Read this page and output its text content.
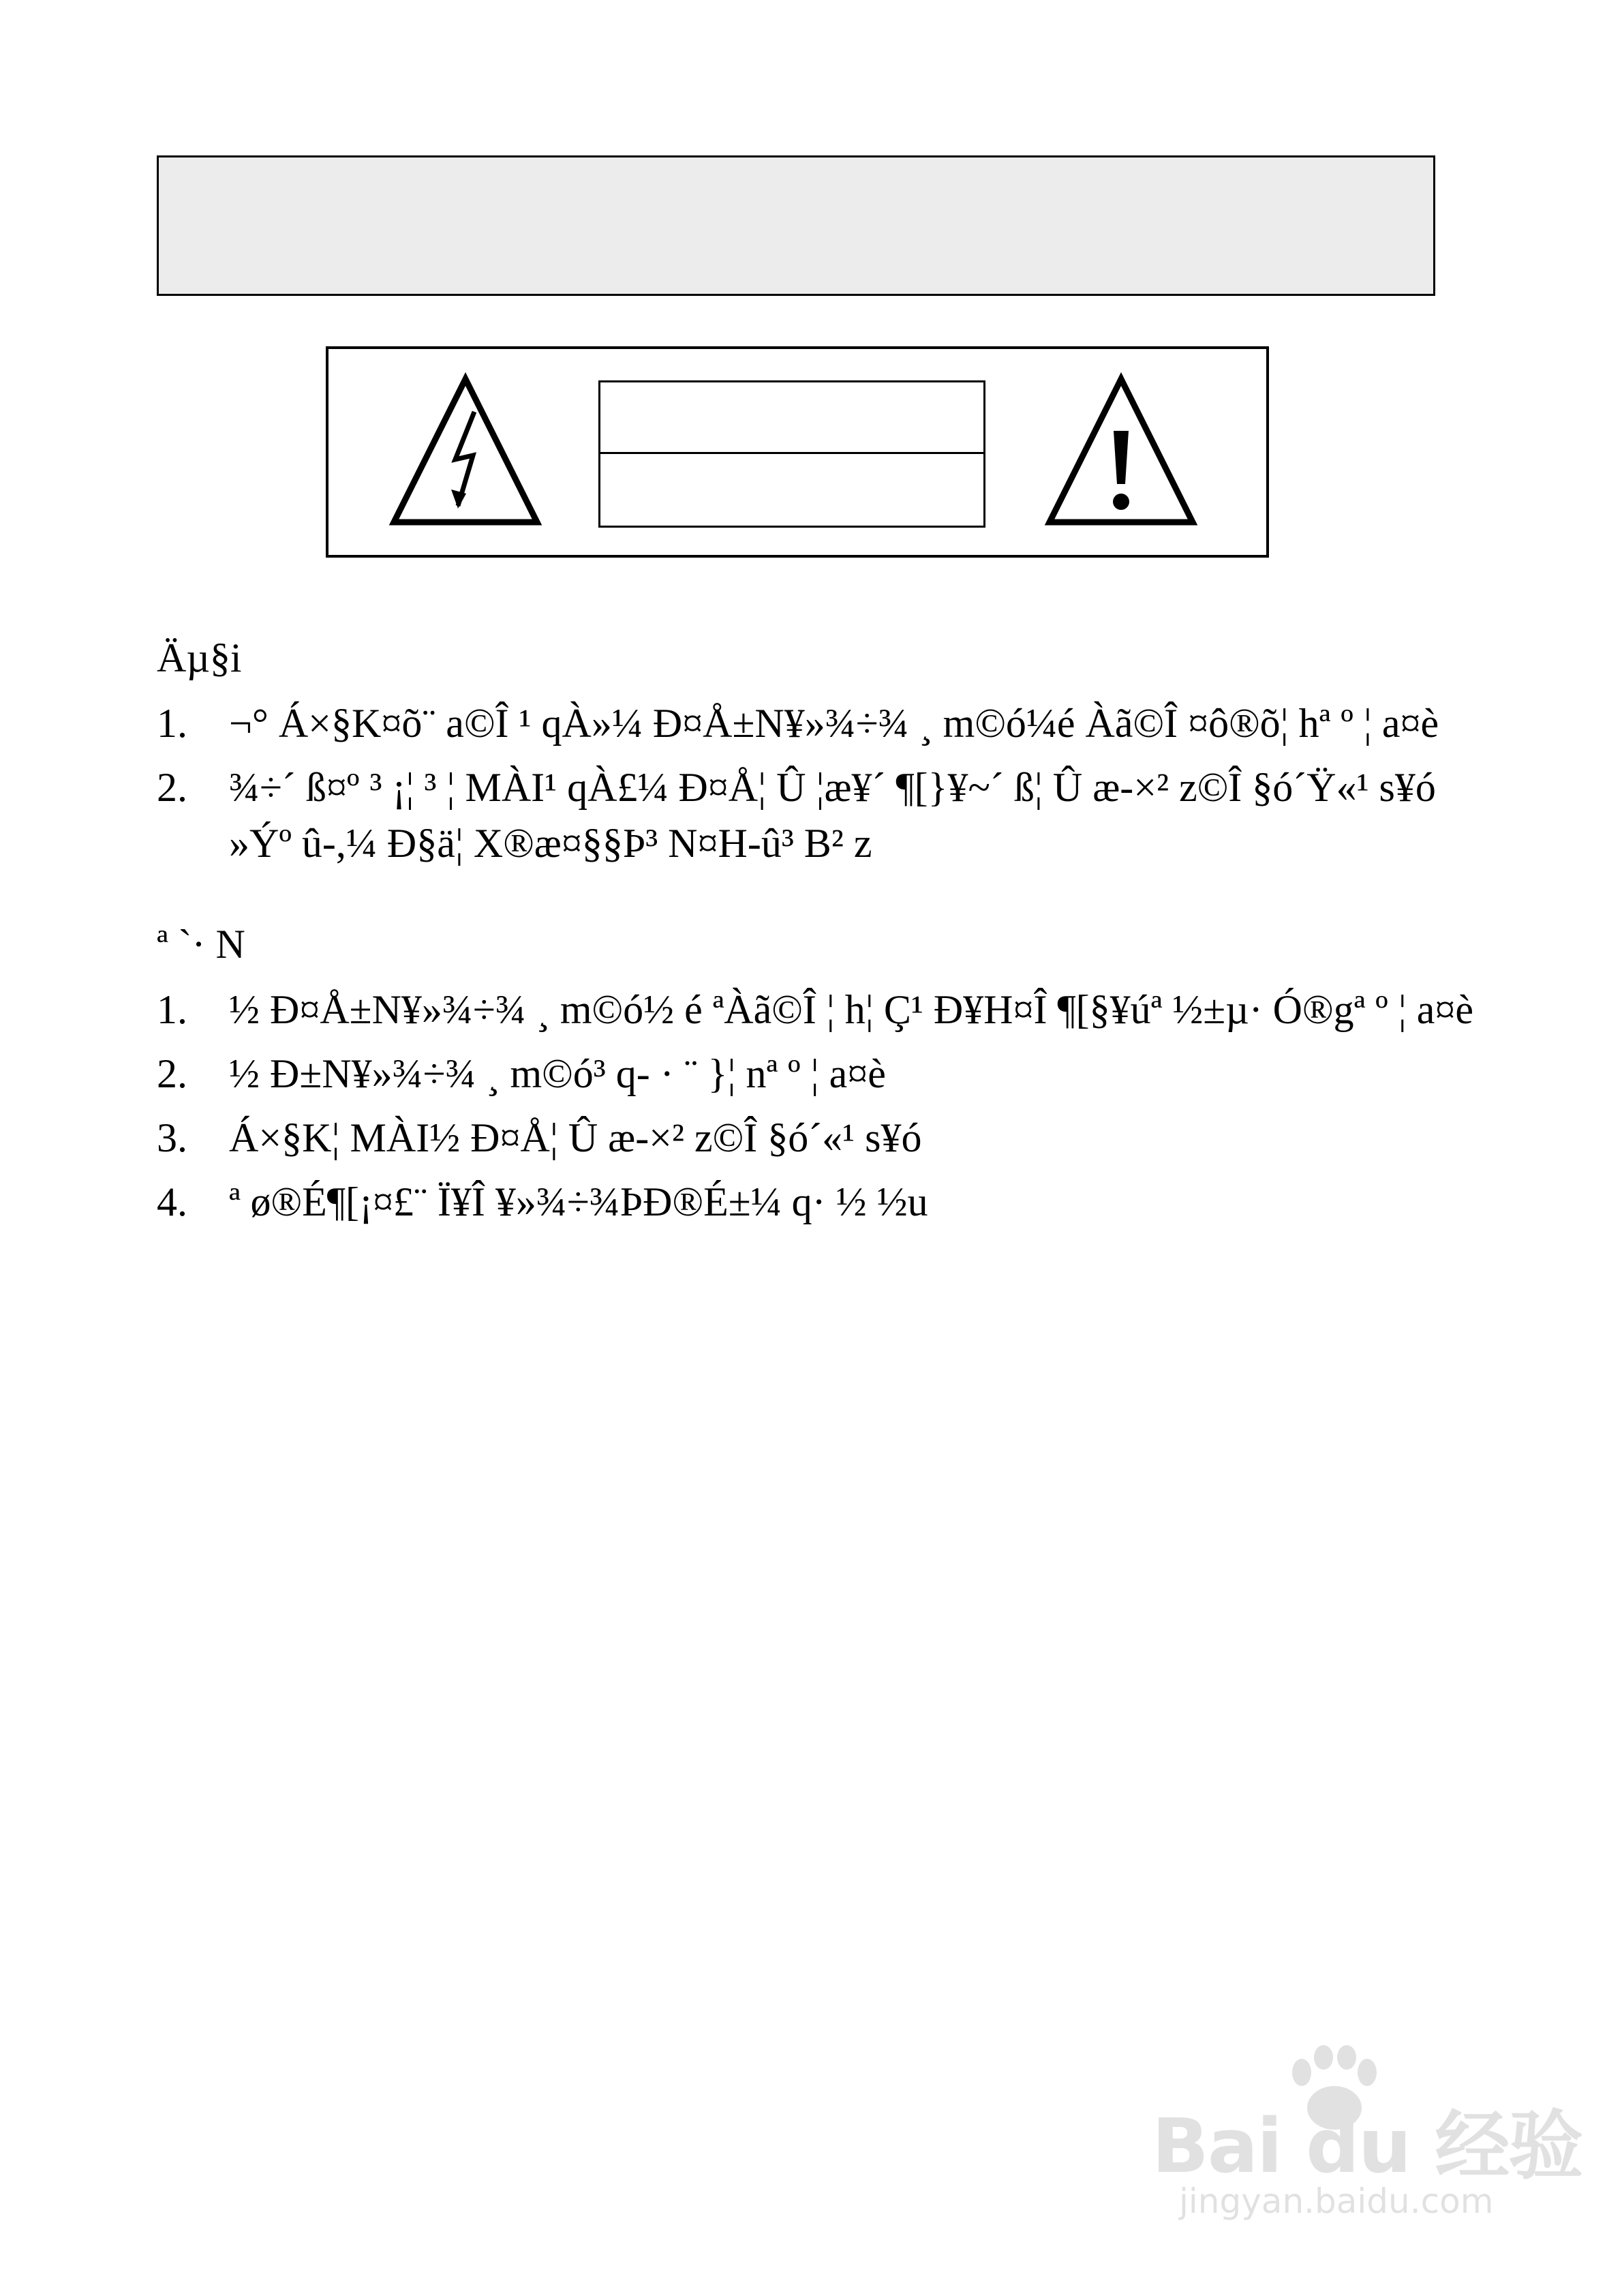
Äµ§i
1. ¬° Á×§K¤õ¨ a©Î ¹ qÀ»¼ Ð¤Å±N¥»¾÷¾ ¸ m©ó¼é Àã©Î ¤ô®õ¦ hª º ¦ a¤è
2. ¾÷´ ß¤º ³ ¡¦ ³ ¦ MÀI¹ qÀ£¼ Ð¤Å¦ Û ¦æ¥´ ¶[}¥~´ ß¦ Û æ-×² z©Î §ó´Ÿ«¹ s¥ó
»Ýº û-,¼ Ð§ä¦ X®æ¤§§Þ³ N¤H-û³ B² z
ª `· N
1. ½ Ð¤Å±N¥»¾÷¾ ¸ m©ó½ é ªÀã©Î ¦ h¦ Ç¹ Ð¥H¤Î ¶[§¥úª ½±µ· Ó®gª º ¦ a¤è
2. ½ Ð±N¥»¾÷¾ ¸ m©ó³ q- · ¨ }¦ nª º ¦ a¤è
3. Á×§K¦ MÀI½ Ð¤Å¦ Û æ-×² z©Î §ó´«¹ s¥ó
4. ª ø®É¶[¡¤£¨ Ï¥Î ¥»¾÷¾ÞÐ®É±¼ q· ½ ½u
Bai du 经验
jingyan.baidu.com
